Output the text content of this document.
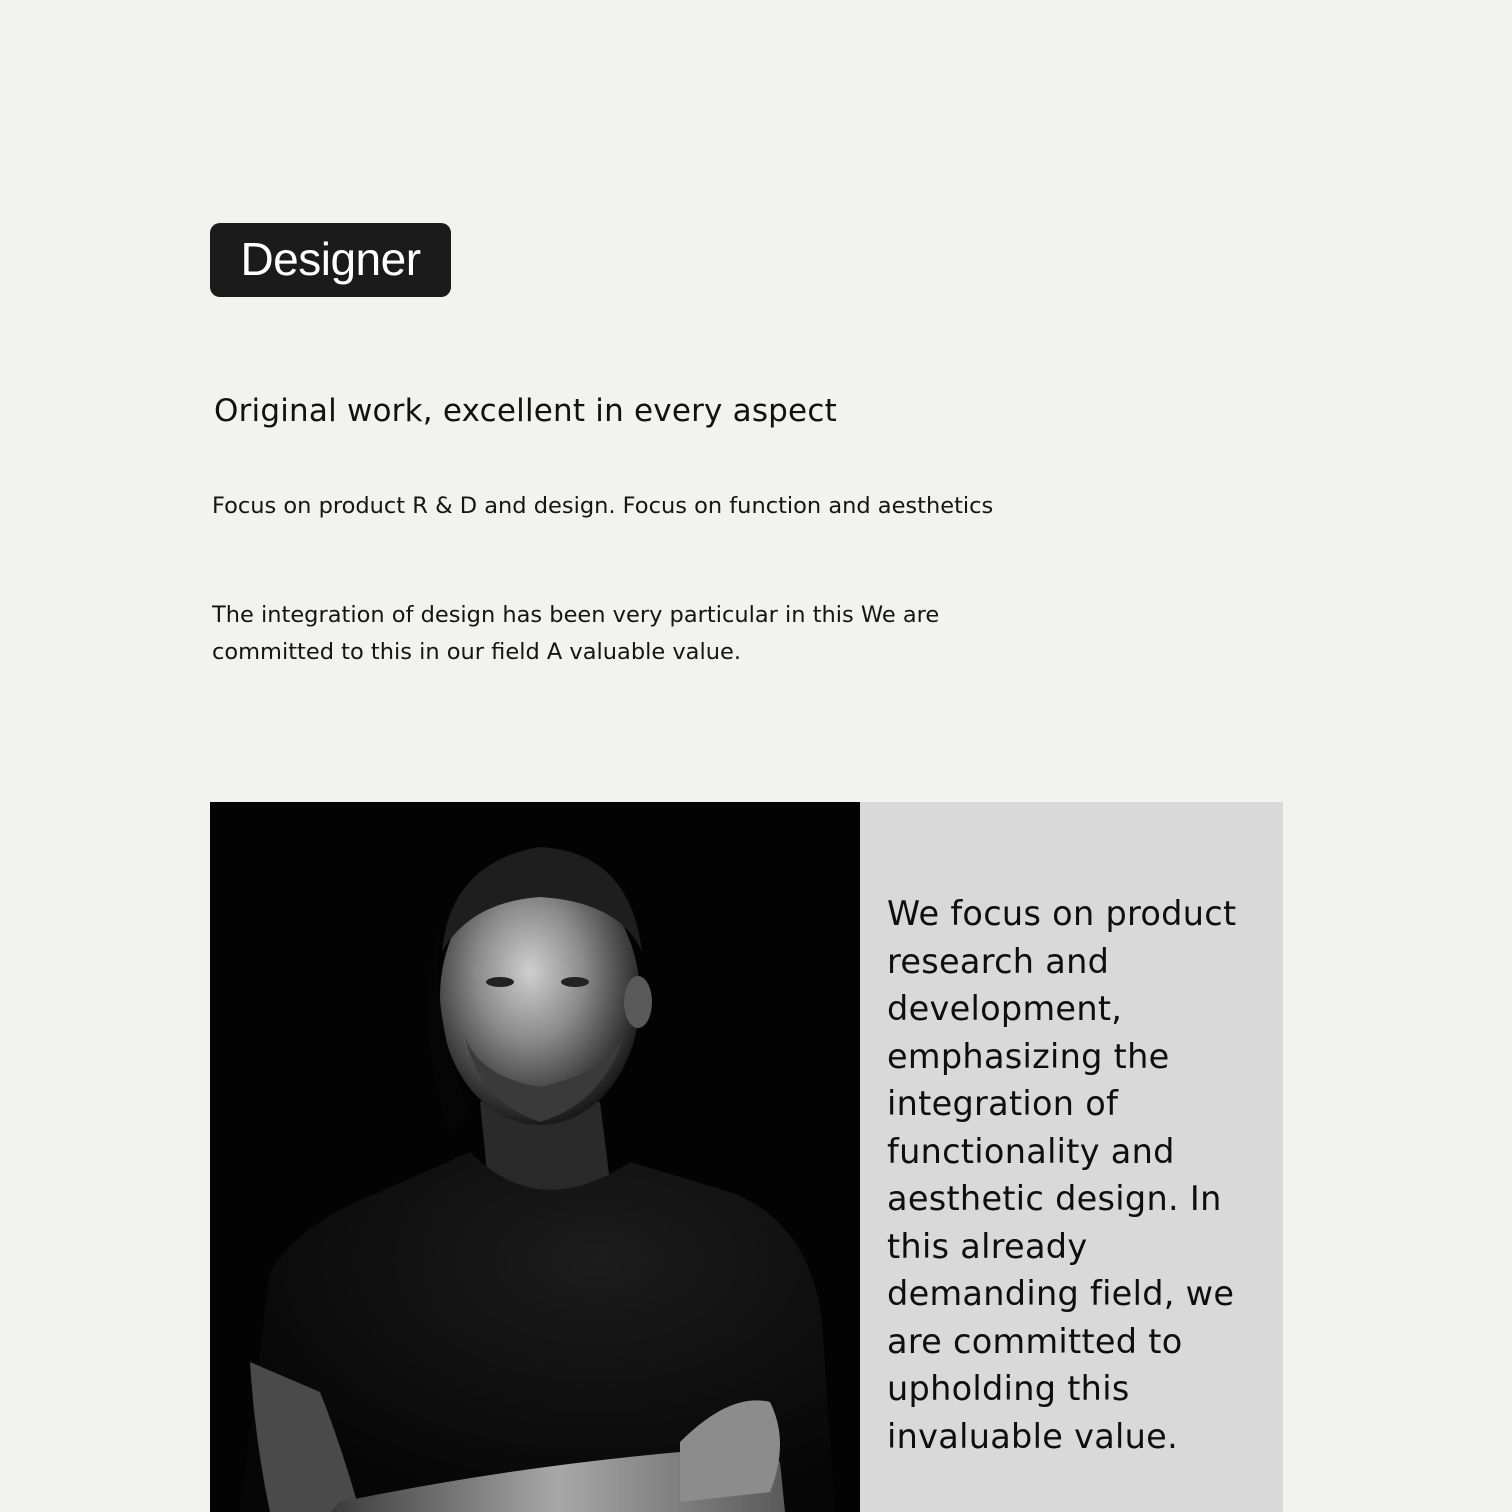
Designer
Original work, excellent in every aspect

Focus on product R & D and design. Focus on function and aesthetics

The integration of design has been very particular in this We are committed to this in our field A valuable value.

We focus on product research and development, emphasizing the integration of functionality and aesthetic design. In this already demanding field, we are committed to upholding this invaluable value.
